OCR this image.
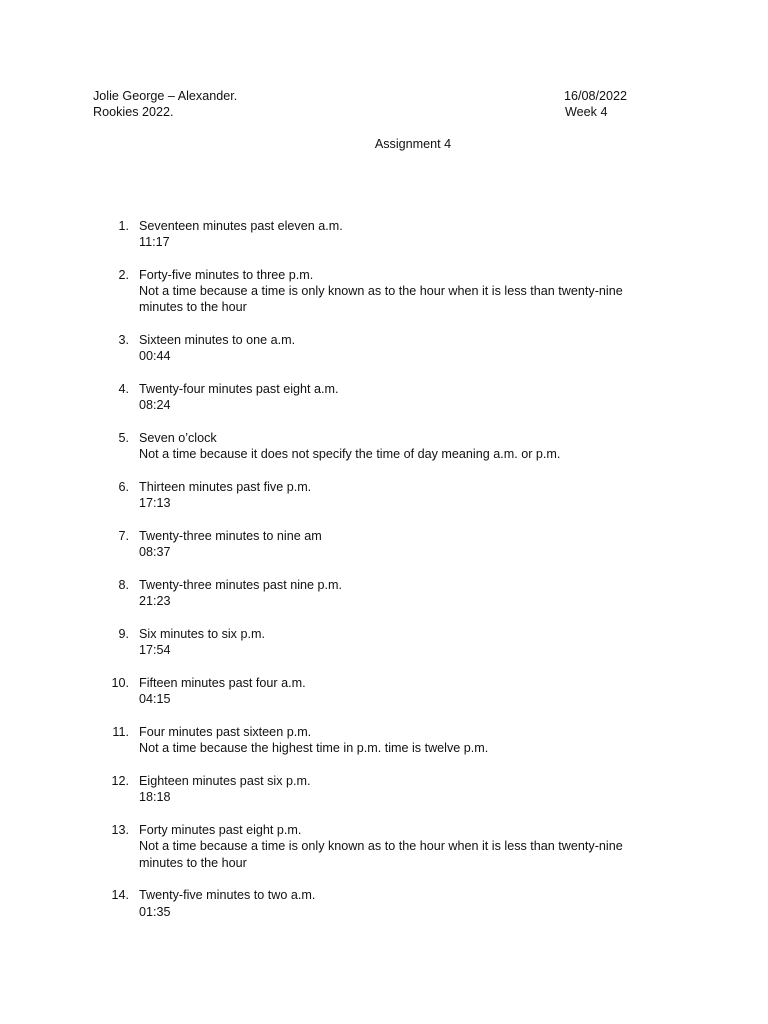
Jolie George – Alexander.
Rookies 2022.
16/08/2022
Week 4
Assignment 4
1. Seventeen minutes past eleven a.m.
11:17
2. Forty-five minutes to three p.m.
Not a time because a time is only known as to the hour when it is less than twenty-nine minutes to the hour
3. Sixteen minutes to one a.m.
00:44
4. Twenty-four minutes past eight a.m.
08:24
5. Seven o’clock
Not a time because it does not specify the time of day meaning a.m. or p.m.
6. Thirteen minutes past five p.m.
17:13
7. Twenty-three minutes to nine am
08:37
8. Twenty-three minutes past nine p.m.
21:23
9. Six minutes to six p.m.
17:54
10. Fifteen minutes past four a.m.
04:15
11. Four minutes past sixteen p.m.
Not a time because the highest time in p.m. time is twelve p.m.
12. Eighteen minutes past six p.m.
18:18
13. Forty minutes past eight p.m.
Not a time because a time is only known as to the hour when it is less than twenty-nine minutes to the hour
14. Twenty-five minutes to two a.m.
01:35
